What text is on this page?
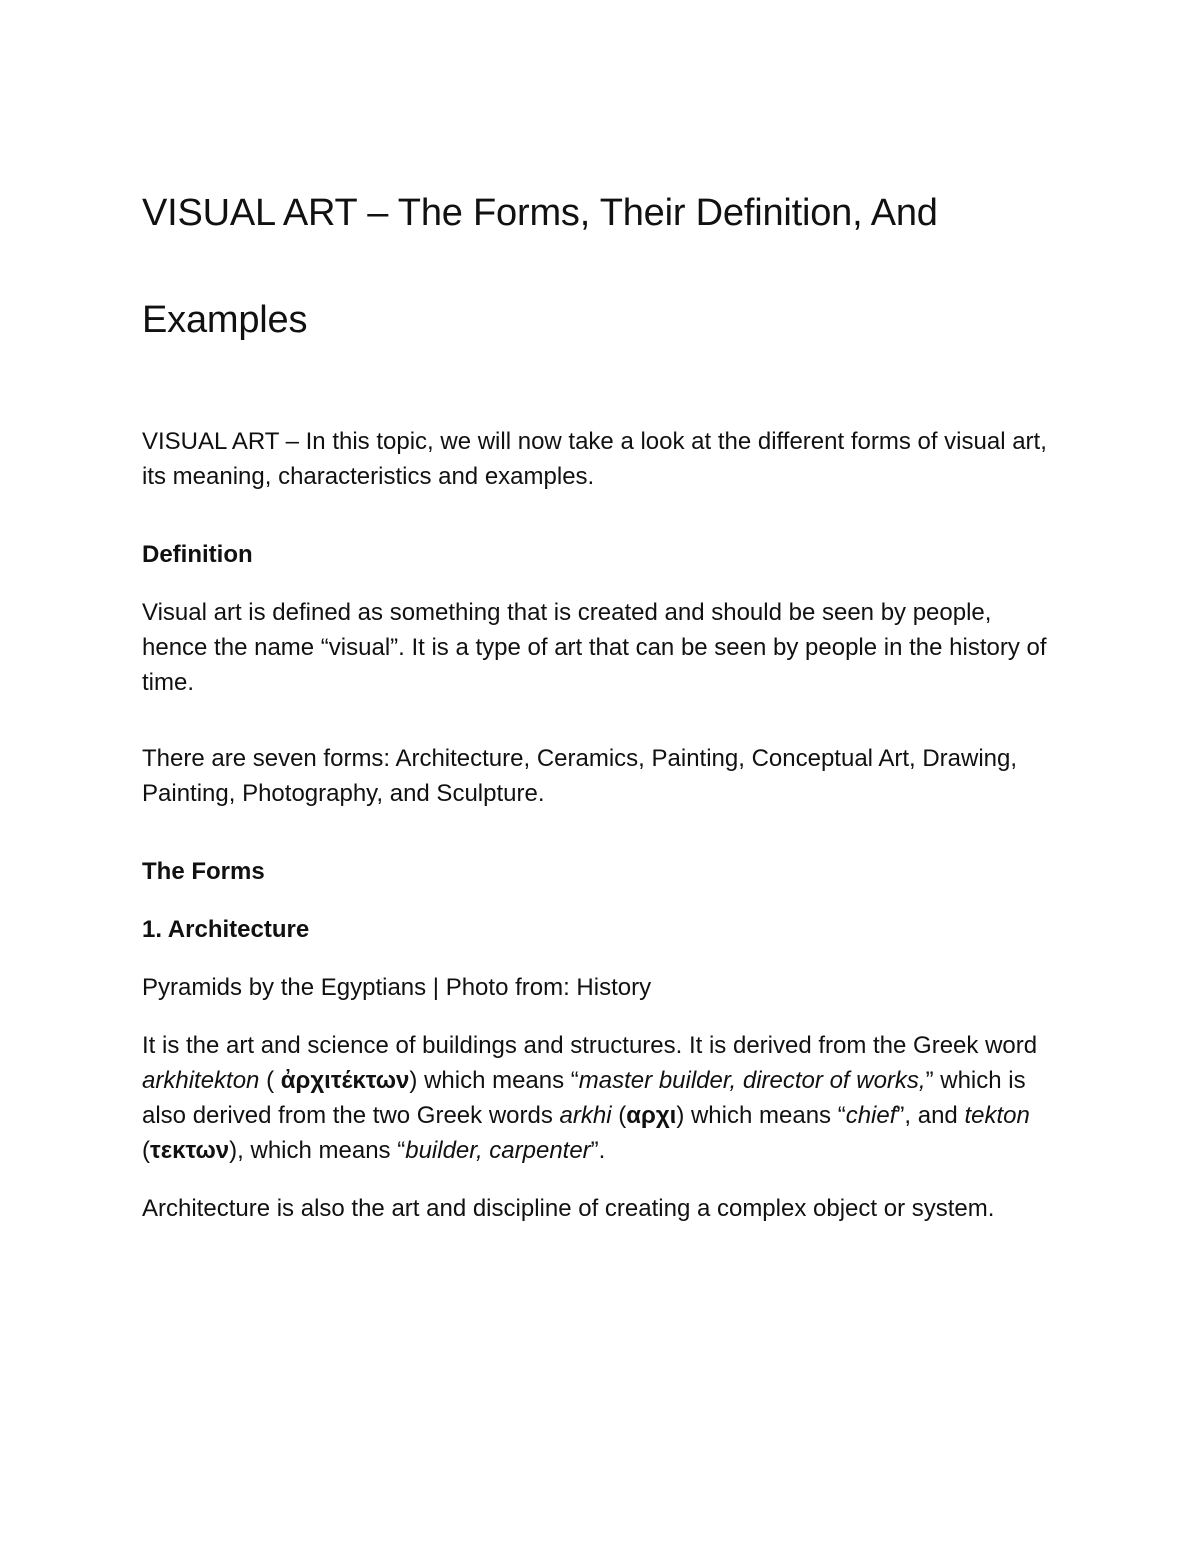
VISUAL ART – The Forms, Their Definition, And
Examples

VISUAL ART – In this topic, we will now take a look at the different forms of visual art, its meaning, characteristics and examples.

Definition

Visual art is defined as something that is created and should be seen by people, hence the name “visual”. It is a type of art that can be seen by people in the history of time.

There are seven forms: Architecture, Ceramics, Painting, Conceptual Art, Drawing, Painting, Photography, and Sculpture.

The Forms
1. Architecture

Pyramids by the Egyptians | Photo from: History

It is the art and science of buildings and structures. It is derived from the Greek word arkhitekton ( ἀρχιτέκτων) which means “master builder, director of works,” which is also derived from the two Greek words arkhi (αρχι) which means “chief”, and tekton (τεκτων), which means “builder, carpenter”.

Architecture is also the art and discipline of creating a complex object or system.
